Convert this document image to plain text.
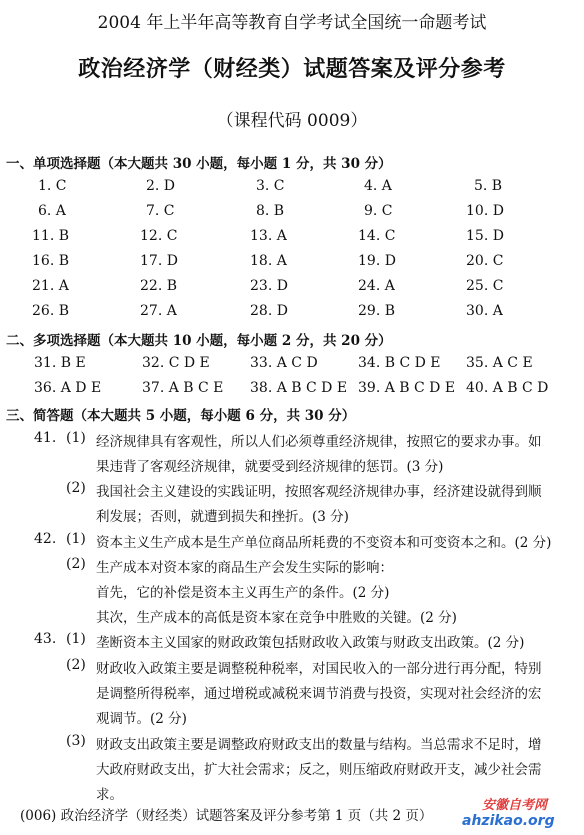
2004 年上半年高等教育自学考试全国统一命题考试
政治经济学（财经类）试题答案及评分参考
（课程代码 0009）
一、单项选择题（本大题共 30 小题，每小题 1 分，共 30 分）
1. C	2. D	3. C	4. A	5. B
6. A	7. C	8. B	9. C	10. D
11. B	12. C	13. A	14. C	15. D
16. B	17. D	18. A	19. D	20. C
21. A	22. B	23. D	24. A	25. C
26. B	27. A	28. D	29. B	30. A
二、多项选择题（本大题共 10 小题，每小题 2 分，共 20 分）
31. B E	32. C D E	33. A C D	34. B C D E 35. A C E
36. A D E	37. A B C E 38. A B C D E 39. A B C D E 40. A B C D
三、简答题（本大题共 5 小题，每小题 6 分，共 30 分）
41. (1) 经济规律具有客观性，所以人们必须尊重经济规律，按照它的要求办事。如
果违背了客观经济规律，就要受到经济规律的惩罚。(3 分)
(2) 我国社会主义建设的实践证明，按照客观经济规律办事，经济建设就得到顺
利发展；否则，就遭到损失和挫折。(3 分)
42. (1) 资本主义生产成本是生产单位商品所耗费的不变资本和可变资本之和。(2 分)
(2) 生产成本对资本家的商品生产会发生实际的影响：
首先，它的补偿是资本主义再生产的条件。(2 分)
其次，生产成本的高低是资本家在竞争中胜败的关键。(2 分)
43. (1) 垄断资本主义国家的财政政策包括财政收入政策与财政支出政策。(2 分)
(2) 财政收入政策主要是调整税种税率，对国民收入的一部分进行再分配，特别
是调整所得税率，通过增税或减税来调节消费与投资，实现对社会经济的宏
观调节。(2 分)
(3) 财政支出政策主要是调整政府财政支出的数量与结构。当总需求不足时，增
大政府财政支出，扩大社会需求；反之，则压缩政府财政开支，减少社会需
求。
(006) 政治经济学（财经类）试题答案及评分参考第 1 页（共 2 页）
安徽自考网
ahzikao.org
